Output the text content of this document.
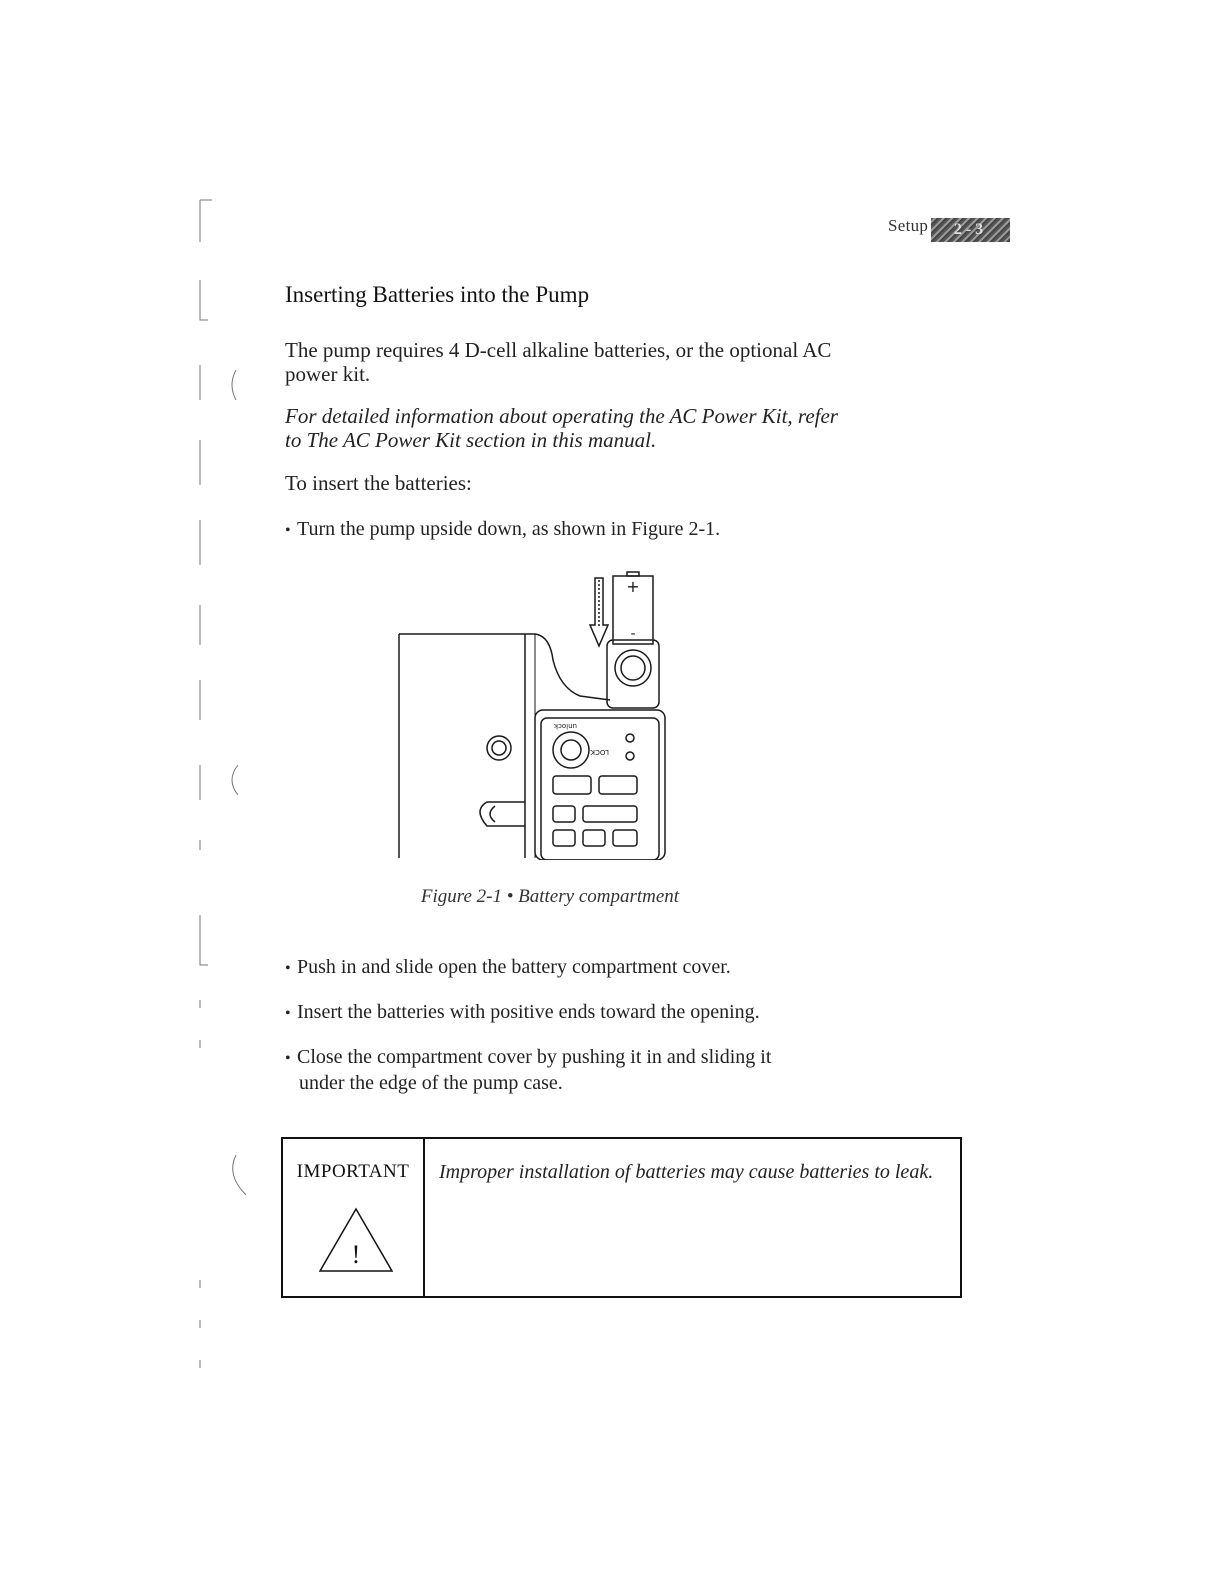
Setup	2-3
Inserting Batteries into the Pump
The pump requires 4 D-cell alkaline batteries, or the optional AC power kit.
For detailed information about operating the AC Power Kit, refer to The AC Power Kit section in this manual.
To insert the batteries:
• Turn the pump upside down, as shown in Figure 2-1.
+
-
unlock
LOCK
Figure 2-1 • Battery compartment
• Push in and slide open the battery compartment cover.
• Insert the batteries with positive ends toward the opening.
• Close the compartment cover by pushing it in and sliding it
under the edge of the pump case.
IMPORTANT
!
Improper installation of batteries may cause batteries to leak.
